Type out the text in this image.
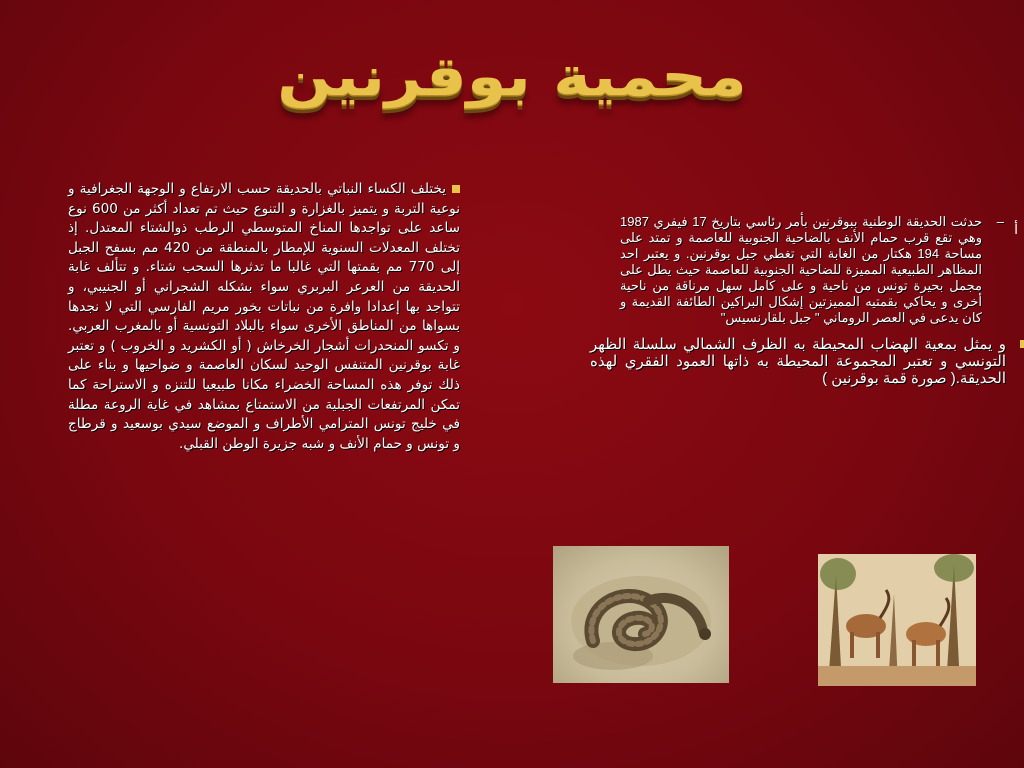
محمية بوقرنين
يختلف الكساء النباتي بالحديقة حسب الارتفاع و الوجهة الجغرافية و نوعية التربة و يتميز بالغزارة و التنوع حيث تم تعداد أكثر من 600 نوع ساعد على تواجدها المناخ المتوسطي الرطب ذوالشتاء المعتدل. إذ تختلف المعدلات السنوية للإمطار بالمنطقة من 420 مم بسفح الجبل إلى 770 مم بقمتها التي غالبا ما تدثرها السحب شتاء. و تتألف غابة الحديقة من العرعر البربري سواء بشكله الشجراني أو الجنيبي، و تتواجد بها إعدادا وافرة من نباتات بخور مريم الفارسي التي لا نجدها بسواها من المناطق الأخرى سواء بالبلاد التونسية أو بالمغرب العربي. و تكسو المنحدرات أشجار الخرخاش ( أو الكشريد و الخروب ) و تعتبر غابة بوقرنين المتنفس الوحيد لسكان العاصمة و ضواحيها و بناء على ذلك توفر هذه المساحة الخضراء مكانا طبيعيا للتنزه و الاستراحة كما تمكن المرتفعات الجبلية من الاستمتاع بمشاهد في غاية الروعة مطلة في خليج تونس المترامي الأطراف و الموضع سيدي بوسعيد و قرطاج و تونس و حمام الأنف و شبه جزيرة الوطن القبلي.
أ
–
حدثت الحديقة الوطنية ببوقرنين بأمر رئاسي بتاريخ 17 فيفري 1987 وهي تقع قرب حمام الأنف بالضاحية الجنوبية للعاصمة و تمتد على مساحة 194 هكتار من الغابة التي تغطي جبل بوقرنين. و يعتبر احد المظاهر الطبيعية المميزة للضاحية الجنوبية للعاصمة حيث يطل على مجمل بحيرة تونس من ناحية و على كامل سهل مرناقة من ناحية أخرى و يحاكي بقمتيه المميزتين إشكال البراكين الطائفة القديمة و كان يدعى في العصر الروماني " جبل بلقارنسيس"
و يمثل بمعية الهضاب المحيطة به الظرف الشمالي سلسلة الظهر التونسي و تعتبر المجموعة المحيطة به ذاتها العمود الفقري لهذه الحديقة.( صورة قمة بوقرنين )
